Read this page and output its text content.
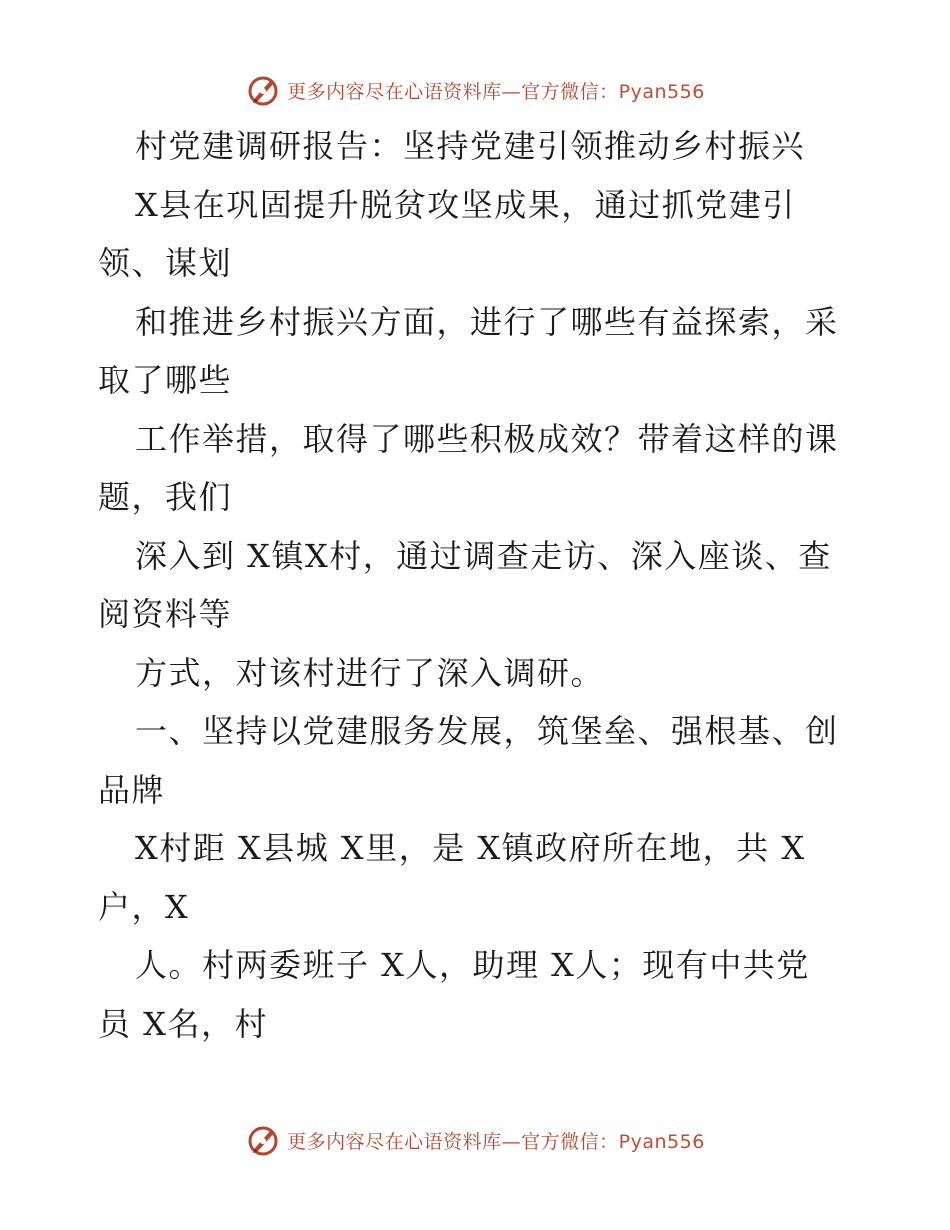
更多内容尽在心语资料库—官方微信：Pyan556
村党建调研报告：坚持党建引领推动乡村振兴
X县在巩固提升脱贫攻坚成果，通过抓党建引
领、谋划
和推进乡村振兴方面，进行了哪些有益探索，采
取了哪些
工作举措，取得了哪些积极成效？带着这样的课
题，我们
深入到 X镇X村，通过调查走访、深入座谈、查
阅资料等
方式，对该村进行了深入调研。
一、坚持以党建服务发展，筑堡垒、强根基、创
品牌
X村距 X县城 X里，是 X镇政府所在地，共 X
户，X
人。村两委班子 X人，助理 X人；现有中共党
员 X名，村
更多内容尽在心语资料库—官方微信：Pyan556
